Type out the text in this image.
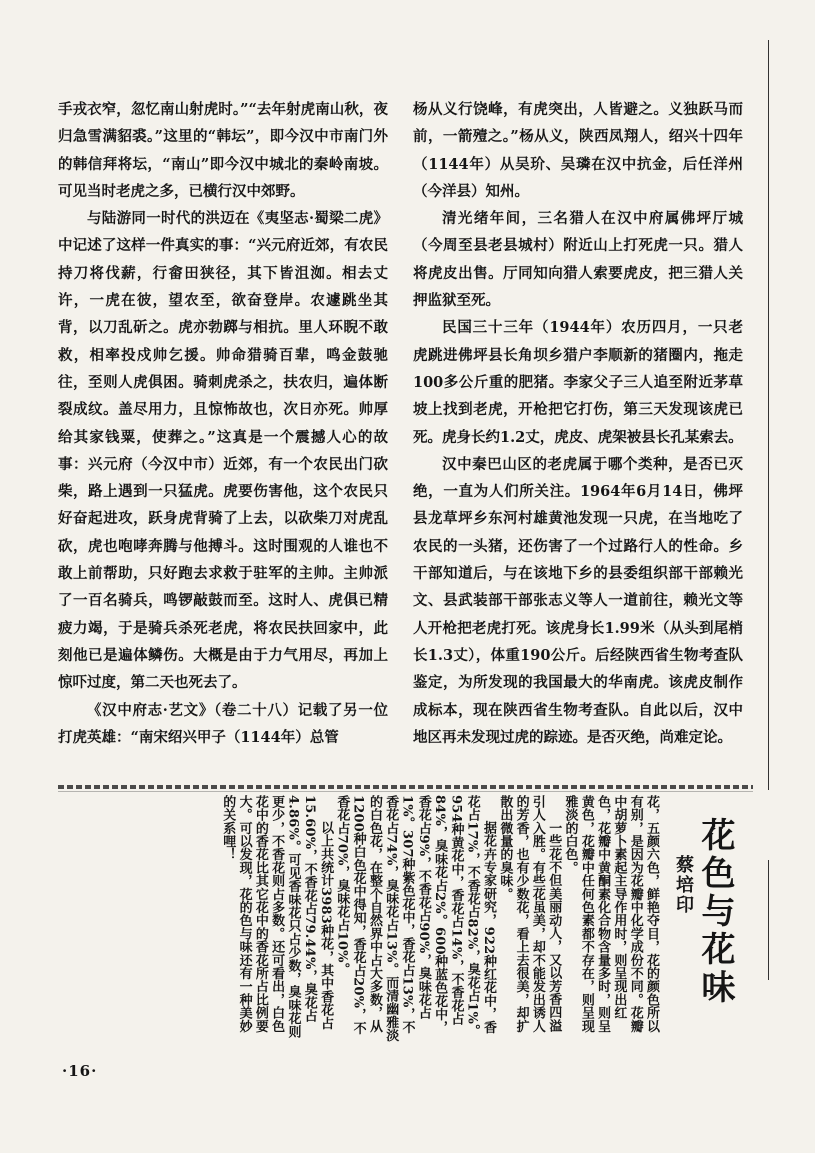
手戎衣窄，忽忆南山射虎时。”“去年射虎南山秋，夜归急雪满貂裘。”这里的“韩坛”，即今汉中市南门外的韩信拜将坛，“南山”即今汉中城北的秦岭南坡。可见当时老虎之多，已横行汉中郊野。

与陆游同一时代的洪迈在《夷坚志·蜀梁二虎》中记述了这样一件真实的事：“兴元府近郊，有农民持刀将伐薪，行畲田狭径，其下皆沮洳。相去丈许，一虎在彼，望农至，欲奋登岸。农遽跳坐其背，以刀乱斫之。虎亦勃踯与相抗。里人环睨不敢救，相率投戍帅乞援。帅命猎骑百辈，鸣金鼓驰往，至则人虎俱困。骑刺虎杀之，扶农归，遍体断裂成纹。盖尽用力，且惊怖故也，次日亦死。帅厚给其家钱粟，使葬之。”这真是一个震撼人心的故事：兴元府（今汉中市）近郊，有一个农民出门砍柴，路上遇到一只猛虎。虎要伤害他，这个农民只好奋起进攻，跃身虎背骑了上去，以砍柴刀对虎乱砍，虎也咆哮奔腾与他搏斗。这时围观的人谁也不敢上前帮助，只好跑去求救于驻军的主帅。主帅派了一百名骑兵，鸣锣敲鼓而至。这时人、虎俱已精疲力竭，于是骑兵杀死老虎，将农民扶回家中，此刻他已是遍体鳞伤。大概是由于力气用尽，再加上惊吓过度，第二天也死去了。

《汉中府志·艺文》（卷二十八）记载了另一位打虎英雄：“南宋绍兴甲子（1144年）总管

杨从义行饶峰，有虎突出，人皆避之。义独跃马而前，一箭殪之。”杨从义，陕西凤翔人，绍兴十四年（1144年）从吴玠、吴璘在汉中抗金，后任洋州（今洋县）知州。

清光绪年间，三名猎人在汉中府属佛坪厅城（今周至县老县城村）附近山上打死虎一只。猎人将虎皮出售。厅同知向猎人索要虎皮，把三猎人关押监狱至死。

民国三十三年（1944年）农历四月，一只老虎跳进佛坪县长角坝乡猎户李顺新的猪圈内，拖走100多公斤重的肥猪。李家父子三人追至附近茅草坡上找到老虎，开枪把它打伤，第三天发现该虎已死。虎身长约1.2丈，虎皮、虎架被县长孔某索去。

汉中秦巴山区的老虎属于哪个类种，是否已灭绝，一直为人们所关注。1964年6月14日，佛坪县龙草坪乡东河村雄黄池发现一只虎，在当地吃了农民的一头猪，还伤害了一个过路行人的性命。乡干部知道后，与在该地下乡的县委组织部干部赖光文、县武装部干部张志义等人一道前往，赖光文等人开枪把老虎打死。该虎身长1.99米（从头到尾梢长1.3丈），体重190公斤。后经陕西省生物考查队鉴定，为所发现的我国最大的华南虎。该虎皮制作成标本，现在陕西省生物考查队。自此以后，汉中地区再未发现过虎的踪迹。是否灭绝，尚难定论。

花色与花味
蔡培印

花，五颜六色，鲜艳夺目，花的颜色所以有别，是因为花瓣中化学成份不同。花瓣中胡萝卜素起主导作用时，则呈现出红色，花瓣中黄酮素化合物含量多时，则呈黄色，花瓣中任何色素都不存在，则呈现雅淡的白色。

一些花不但美丽动人，又以芳香四溢引人入胜。有些花虽美，却不能发出诱人的芳香，也有少数花，看上去很美，却扩散出微量的臭味。

据花卉专家研究，922种红花中，香花占17%，不香花占82%，臭花占1%。954种黄花中，香花占14%，不香花占84%，臭味花占2%。600种蓝色花中，香花占9%，不香花占90%，臭味花占1%。307种紫色花中，香花占13%，不香花占74%，臭味花占13%。而清幽雅淡的白色花，在整个自然界中占大多数，从1200种白色花中得知，香花占20%，不香花占70%，臭味花占10%。

以上共统计3983种花，其中香花占15.60%，不香花占79.44%，臭花占4.86%。可见香味花只占少数，臭味花则更少，不香花则占多数。还可看出，白色花中的香花比其它花中的香花所占比例要大。可以发现，花的色与味还有一种美妙的关系哩！

·16·
